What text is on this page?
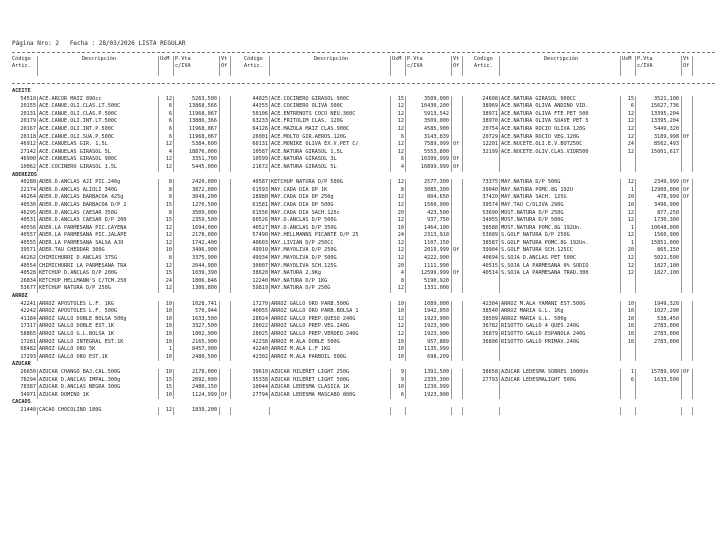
Página Nro: 2 Fecha : 28/03/2026 LISTA REGULAR
Código
Artic.
Descripción	UxM	P.Vta
c/IVA
Vt
Of
Código
Artic.
Descripción	UxM	P.Vta
c/IVA
Vt
Of
Código
Artic.
Descripción	UxM	P.Vta
c/IVA
Vt
Of
ACEITE
54510 ACE.ARCOR MAIZ 890cc	12	5263,500	44025 ACE.COCINERO GIRASOL 900C	15	3509,000	24608 ACE.NATURA GIRASOL 900CC	15	3521,100
20155 ACE.CAÑUE.OLI.CLAS.LT.500C	6	13868,566	44355 ACE.COCINERO OLIVA 500C	12	10430,200	38969 ACE.NATURA OLIVA ANDINO VID.	6	15627,736
20131 ACE.CAÑUE.OLI.CLAS.P.500C	6	11968,067	50106 ACE.ENTRENOTS COCO NEU.360C	12	5913,542	38971 ACE.NATURA OLIVA FTE.PET 500	12	13395,204
20179 ACE.CAÑUE.OLI.INT.LT.500C	6	13886,366	63233 ACE.FRITOLIM CLAS. 120G	12	3509,000	38970 ACE.NATURA OLIVA SUAVE PET 5	12	13395,204
20167 ACE.CAÑUE.OLI.INT.P.500C	6	11968,067	64126 ACE.MAZOLA MAIZ CLAS.900C	12	4585,900	20754 ACE.NATURA ROCIO OLIVA 120G	12	5449,320
20118 ACE.CAÑUE.OLI.SUA.P.500C	6	11968,067	26001 ACE.MOLTO GIR.AEROS.120G	6	3143,839	20729 ACE.NATURA ROCIO VEG.120G	12	3189,998 Of
46912 ACE.CAÑUELAS GIR. 1,5L	12	5384,600	60131 ACE.MONIKE OLIVA EX.V.PET C/	12	7589,999 Of	12201 ACE.NUCETE.OLI.E.V.BOT250C	24	8562,493
27142 ACE.CAÑUELAS GIRASOL 5L	4	18876,000	10587 ACE.NATURA GIRASOL 1,5L	12	5553,800	32199 ACE.NUCETE.OLIV.CLAS.VIDR500	12	15001,617
46900 ACE.CAÑUELAS GIRASOL 900C	12	3351,700	10599 ACE.NATURA GIRASOL 3L	6	10399,999 Of
10062 ACE.COCINERO GIRASOL 1,5L	12	5445,000	21672 ACE.NATURA GIRASOL 5L	4	16899,999 Of
ADEREZOS
40288 ADER.D.ANCLAS AJI PIC.240g	8	2420,000	40587 KETCHUP NATURA D/P 500G	12	2577,300	73375 MAY.NATURA D/P 500G	12	2349,999 Of
22174 ADER.D.ANCLAS ALIOLI 340G	8	3872,000	61593 MAY.CADA DIA DP 1K	8	3085,300	39040 MAY.NATURA POMC.8G 192U	1	12900,000 Of
46264 ADER.D.ANCLAS BARBACOA 425g	8	3049,200	28980 MAY.CADA DIA DP 250g	12	804,650	37420 MAY.NATURA SACH. 125G	20	478,999 Of
40530 ADER.D.ANCLAS BARBACOA D/P 2	15	1270,500	61581 MAY.CADA DIA DP 500G	12	1560,900	39574 MAY.TAU C/OLIVA 290G	10	3496,900
46295 ADER.D.ANCLAS CAESAR 350G	8	3509,000	61556 MAY.CADA DIA SACH.125c	20	423,500	53690 MOST.NATURA D/P 250G	12	877,250
40531 ADER.D.ANCLAS CAESAR D/P 200	15	2359,500	60526 MAY.D.ANCLAS D/P 500G	12	937,750	34055 MOST.NATURA D/P 500G	12	1730,300
40556 ADER.LA PARMESANA PIC.CAYENA	12	1694,000	40527 MAY.D.ANCLAS D/P 350G	10	1464,100	38588 MOST.NATURA POMC.8G 192Un.	1	10648,000
40557 ADER.LA PARMESANA PIC.JALAPE	12	2178,000	57490 MAY.HELLMANNS PICANTE D/P 25	24	2313,918	53689 S.GOLF NATURA D/P 250G	12	1560,900
40555 ADER.LA PARMESANA SALSA AJO	12	1742,400	40603 MAY.LIVIAN D/P 250CC	12	1107,150	38587 S.GOLF NATURA POMC.8G 192Un.	1	15851,000
39571 ADER.TAU CHEDDAR 300G	10	3496,900	49910 MAY.MAYOLIVA D/P 250G	12	2019,999 Of	39904 S.GOLF NATURA SCH.125CC	20	865,150
46262 CHIMICHURRI D.ANCLAS 375G	8	3375,900	49934 MAY.MAYOLIVA D/P 500G	12	4222,900	40694 S.SOJA D.ANCLAS PET 500C	12	5021,500
40554 CHIMICHURRI LA PARMESANA TRA	12	2044,900	30007 MAY.MAYOLIVA SCH.125G	20	1111,990	40515 S.SOJA LA PARMESANA 0% SODIO	12	1827,100
40528 KETCHUP D.ANCLAS D/P 200G	15	1039,390	38620 MAY.NATURA 2,9Kg	4	12599,999 Of	40514 S.SOJA LA PARMESANA TRAD.300	12	1827,100
26834 KETCHUP HELLMANN'S C/TCM.250	24	1806,846	12240 MAY.NATURA D/P 1KG	8	5190,920
53677 KETCHUP NATURA D/P 250G	12	1306,800	59819 MAY.NATURA D/P 250G	12	1331,000
ARROZ
42241 ARROZ APOSTOLES L.F. 1KG	10	1028,741	17270 ARROZ GALLO ORO PARB.500G	10	1089,000	42304 ARROZ M.ALA YAMANI EST.500G	10	1949,320
42242 ARROZ APOSTOLES L.F. 500G	10	570,944	40055 ARROZ GALLO ORO PARB.BOLSA 1	10	1942,050	38540 ARROZ MARIA G.L. 1Kg	10	1027,290
41184 ARROZ GALLO DOBLE BOLSA 500g	10	1633,500	28024 ARROZ GALLO PREP.QUESO 240G	12	1923,900	38509 ARROZ MARIA G.L. 500g	10	538,450
17317 ARROZ GALLO DOBLE EST.1K	10	3327,500	28022 ARROZ GALLO PREP.VEG.240G	12	1923,900	36782 RISOTTO GALLO 4 QUES.240G	10	2783,000
58865 ARROZ GALLO G.L.BOLSA 1K	10	1802,900	28025 ARROZ GALLO PREP.VERDEO 240G	12	1923,900	36879 RISOTTO GALLO ESPAÑOLA 240G	10	2783,000
17281 ARROZ GALLO INTEGRAL EST.1K	10	2165,900	42238 ARROZ M.ALA DOBLE 500G	10	957,889	36806 RISOTTO GALLO PRIMAV.240G	10	2783,000
68482 ARROZ GALLO ORO 5K	1	8457,900	42240 ARROZ M.ALA L.F 1KG	10	1135,999
17293 ARROZ GALLO ORO EST.1K	10	2480,500	42302 ARROZ M.ALA PARBOIL 500G	10	698,209
AZUCAR
26650 AZUCAR CHANGO BAJ.CAL.500G	10	2178,000	39610 AZUCAR HILERET LIGHT 250G	9	1391,500	38658 AZUCAR LEDESMA SOBRES 1000Un	1	15789,999 Of
78294 AZUCAR D.ANCLAS IMPAL.300g	15	2092,090	35338 AZUCAR HILERET LIGHT 500G	9	2335,300	27793 AZUCAR LEDESMALIGHT 500G	6	1633,500
78387 AZUCAR D.ANCLAS NEGRA 300G	15	2480,150	10044 AZUCAR LEDESMA CLASICA 1K	10	1239,999
34971 AZUCAR DOMINO 1K	10	1124,999 Of	27794 AZUCAR LEDESMA MASCABO 800G	6	1923,900
CACAOS
21440 CACAO CHOCOLINO 180G	12	1839,200
